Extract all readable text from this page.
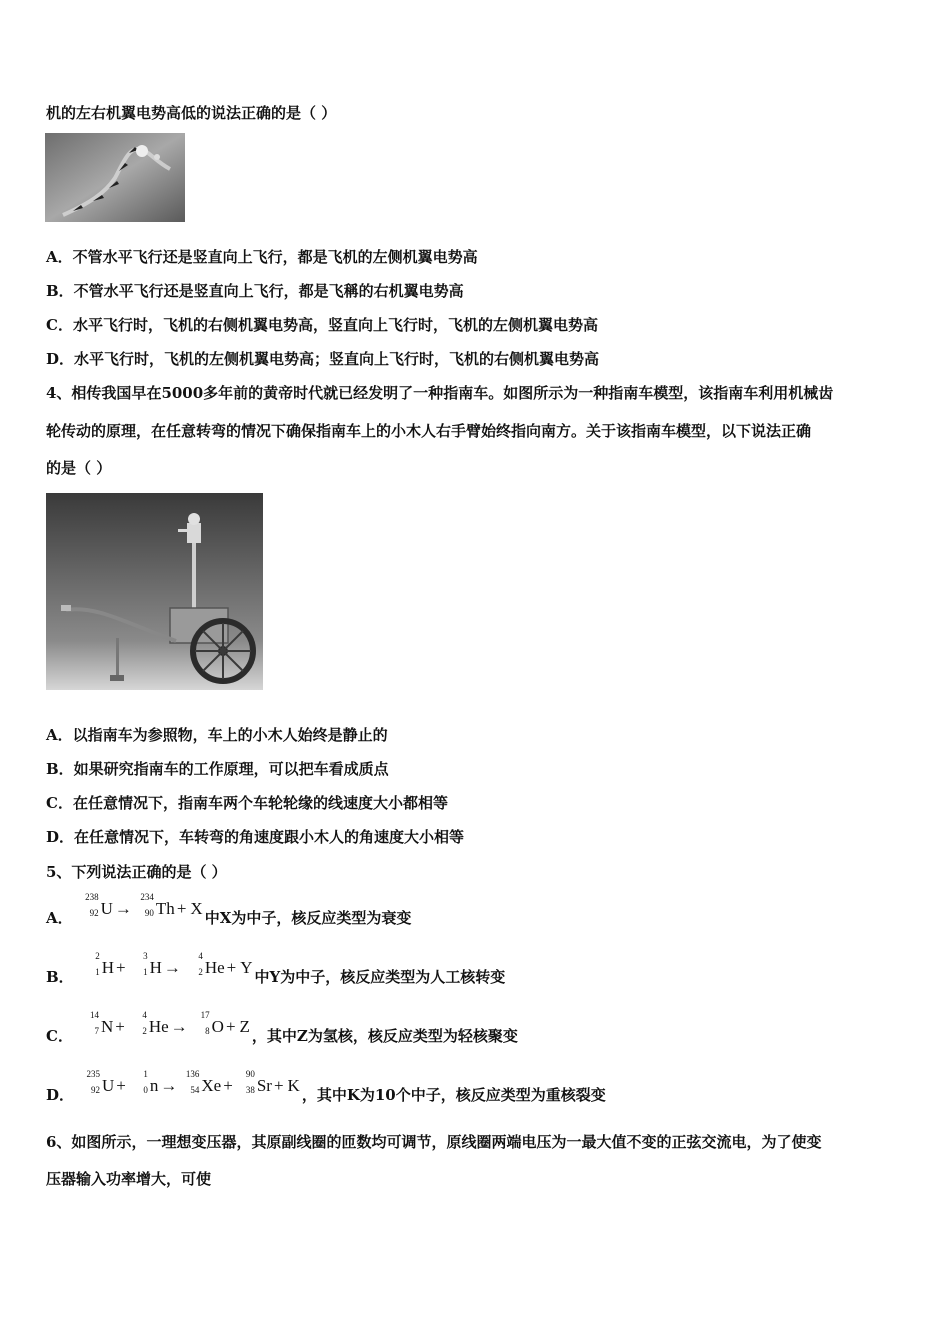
机的左右机翼电势高低的说法正确的是（ ）
A．不管水平飞行还是竖直向上飞行，都是飞机的左侧机翼电势高
B．不管水平飞行还是竖直向上飞行，都是飞稱的右机翼电势高
C．水平飞行时，飞机的右侧机翼电势高，竖直向上飞行时，飞机的左侧机翼电势高
D．水平飞行时，飞机的左侧机翼电势高；竖直向上飞行时，飞机的右侧机翼电势高
4、相传我国早在5000多年前的黄帝时代就已经发明了一种指南车。如图所示为一种指南车模型，该指南车利用机械齿
轮传动的原理，在任意转弯的情况下确保指南车上的小木人右手臂始终指向南方。关于该指南车模型，以下说法正确
的是（ ）
A．以指南车为参照物，车上的小木人始终是静止的
B．如果研究指南车的工作原理，可以把车看成质点
C．在任意情况下，指南车两个车轮轮缘的线速度大小都相等
D．在任意情况下，车转弯的角速度跟小木人的角速度大小相等
5、下列说法正确的是（ ）
A．
238
92 U →
234
90 Th + X 中X为中子，核反应类型为衰变
B．
2
1 H +
3
1 H →
4
2 He + Y 中Y为中子，核反应类型为人工核转变
C．
14
7 N +
4
2 He →
17
8 O + Z ，其中Z为氢核，核反应类型为轻核聚变
D．
235
92 U +
1
0 n →
136
54 Xe +
90
38 Sr + K ，其中K为10个中子，核反应类型为重核裂变
6、如图所示，一理想变压器，其原副线圈的匝数均可调节，原线圈两端电压为一最大值不变的正弦交流电，为了使变
压器输入功率增大，可使
